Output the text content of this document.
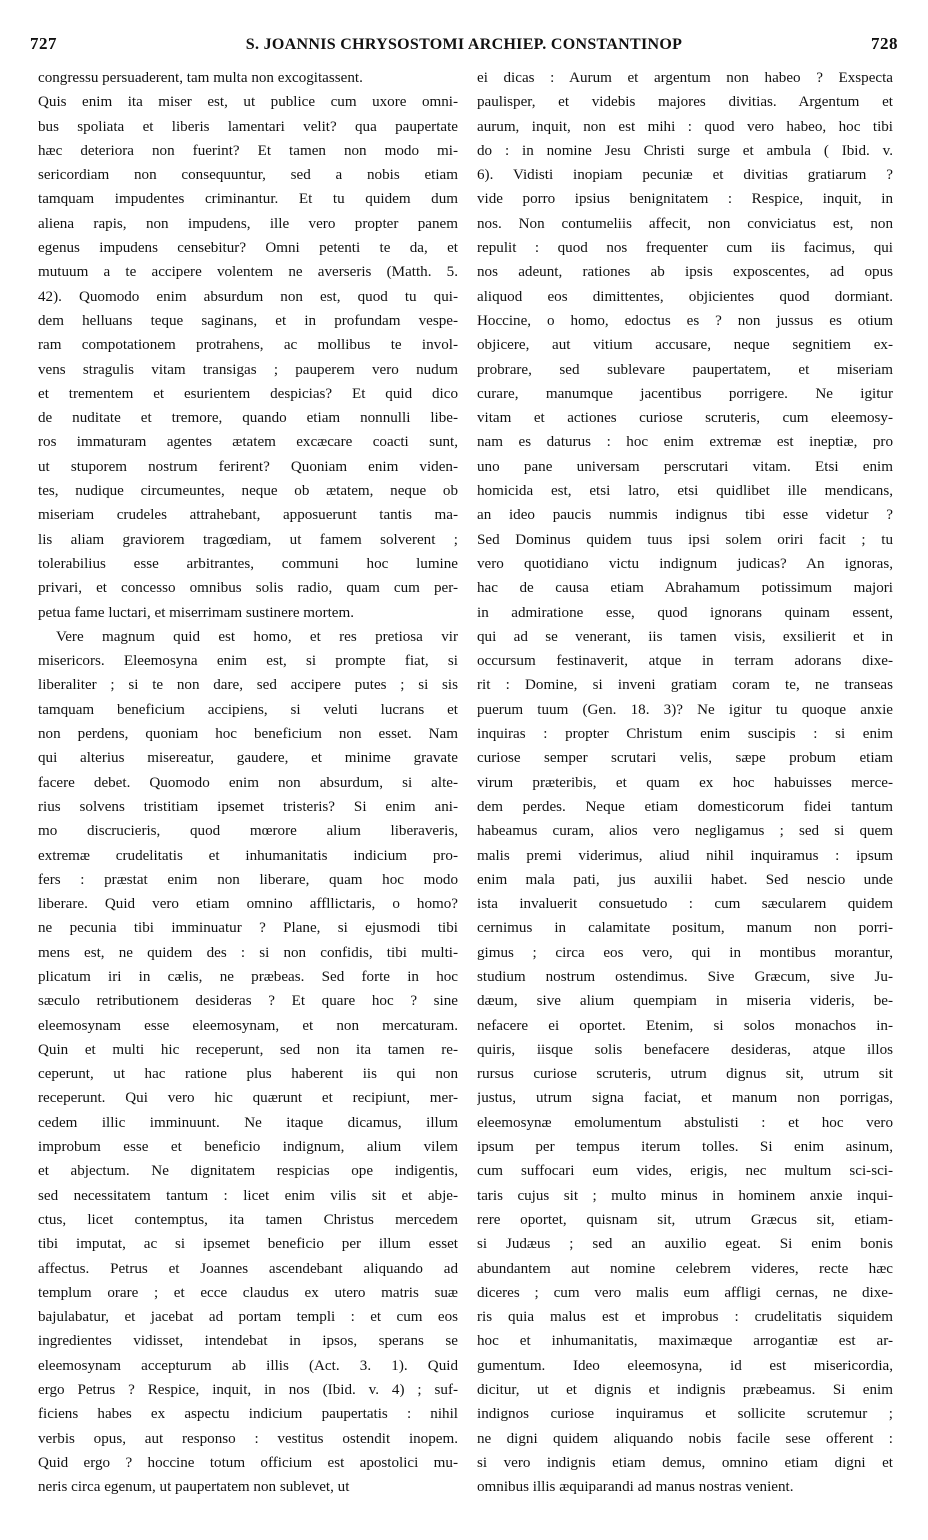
727	S. JOANNIS CHRYSOSTOMI ARCHIEP. CONSTANTINOP	728
congressu persuaderent, tam multa non excogitassent.
Quis enim ita miser est, ut publice cum uxore omni-
bus spoliata et liberis lamentari velit? qua paupertate
hæc deteriora non fuerint? Et tamen non modo mi-
sericordiam non consequuntur, sed a nobis etiam
tamquam impudentes criminantur. Et tu quidem dum
aliena rapis, non impudens, ille vero propter panem
egenus impudens censebitur? Omni petenti te da, et
mutuum a te accipere volentem ne averseris (Matth. 5.
42). Quomodo enim absurdum non est, quod tu qui-
dem helluans teque saginans, et in profundam vespe-
ram compotationem protrahens, ac mollibus te invol-
vens stragulis vitam transigas ; pauperem vero nudum
et trementem et esurientem despicias? Et quid dico
de nuditate et tremore, quando etiam nonnulli libe-
ros immaturam agentes ætatem excæcare coacti sunt,
ut stuporem nostrum ferirent? Quoniam enim viden-
tes, nudique circumeuntes, neque ob ætatem, neque ob
miseriam crudeles attrahebant, apposuerunt tantis ma-
lis aliam graviorem tragœdiam, ut famem solverent ;
tolerabilius esse arbitrantes, communi hoc lumine
privari, et concesso omnibus solis radio, quam cum per-
petua fame luctari, et miserrimam sustinere mortem.
Vere magnum quid est homo, et res pretiosa vir
misericors. Eleemosyna enim est, si prompte fiat, si
liberaliter ; si te non dare, sed accipere putes ; si sis
tamquam beneficium accipiens, si veluti lucrans et
non perdens, quoniam hoc beneficium non esset. Nam
qui alterius misereatur, gaudere, et minime gravate
facere debet. Quomodo enim non absurdum, si alte-
rius solvens tristitiam ipsemet tristeris? Si enim ani-
mo discrucieris, quod mœrore alium liberaveris,
extremæ crudelitatis et inhumanitatis indicium pro-
fers : præstat enim non liberare, quam hoc modo
liberare. Quid vero etiam omnino affllictaris, o homo?
ne pecunia tibi imminuatur ? Plane, si ejusmodi tibi
mens est, ne quidem des : si non confidis, tibi multi-
plicatum iri in cælis, ne præbeas. Sed forte in hoc
sæculo retributionem desideras ? Et quare hoc ? sine
eleemosynam esse eleemosynam, et non mercaturam.
Quin et multi hic receperunt, sed non ita tamen re-
ceperunt, ut hac ratione plus haberent iis qui non
receperunt. Qui vero hic quærunt et recipiunt, mer-
cedem illic imminuunt. Ne itaque dicamus, illum
improbum esse et beneficio indignum, alium vilem
et abjectum. Ne dignitatem respicias ope indigentis,
sed necessitatem tantum : licet enim vilis sit et abje-
ctus, licet contemptus, ita tamen Christus mercedem
tibi imputat, ac si ipsemet beneficio per illum esset
affectus. Petrus et Joannes ascendebant aliquando ad
templum orare ; et ecce claudus ex utero matris suæ
bajulabatur, et jacebat ad portam templi : et cum eos
ingredientes vidisset, intendebat in ipsos, sperans se
eleemosynam accepturum ab illis (Act. 3. 1). Quid
ergo Petrus ? Respice, inquit, in nos (Ibid. v. 4) ; suf-
ficiens habes ex aspectu indicium paupertatis : nihil
verbis opus, aut responso : vestitus ostendit inopem.
Quid ergo ? hoccine totum officium est apostolici mu-
neris circa egenum, ut paupertatem non sublevet, ut
ei dicas : Aurum et argentum non habeo ? Exspecta
paulisper, et videbis majores divitias. Argentum et
aurum, inquit, non est mihi : quod vero habeo, hoc tibi
do : in nomine Jesu Christi surge et ambula ( Ibid. v.
6). Vidisti inopiam pecuniæ et divitias gratiarum ?
vide porro ipsius benignitatem : Respice, inquit, in
nos. Non contumeliis affecit, non conviciatus est, non
repulit : quod nos frequenter cum iis facimus, qui
nos adeunt, rationes ab ipsis exposcentes, ad opus
aliquod eos dimittentes, objicientes quod dormiant.
Hoccine, o homo, edoctus es ? non jussus es otium
objicere, aut vitium accusare, neque segnitiem ex-
probrare, sed sublevare paupertatem, et miseriam
curare, manumque jacentibus porrigere. Ne igitur
vitam et actiones curiose scruteris, cum eleemosy-
nam es daturus : hoc enim extremæ est ineptiæ, pro
uno pane universam perscrutari vitam. Etsi enim
homicida est, etsi latro, etsi quidlibet ille mendicans,
an ideo paucis nummis indignus tibi esse videtur ?
Sed Dominus quidem tuus ipsi solem oriri facit ; tu
vero quotidiano victu indignum judicas? An ignoras,
hac de causa etiam Abrahamum potissimum majori
in admiratione esse, quod ignorans quinam essent,
qui ad se venerant, iis tamen visis, exsilierit et in
occursum festinaverit, atque in terram adorans dixe-
rit : Domine, si inveni gratiam coram te, ne transeas
puerum tuum (Gen. 18. 3)? Ne igitur tu quoque anxie
inquiras : propter Christum enim suscipis : si enim
curiose semper scrutari velis, sæpe probum etiam
virum præteribis, et quam ex hoc habuisses merce-
dem perdes. Neque etiam domesticorum fidei tantum
habeamus curam, alios vero negligamus ; sed si quem
malis premi viderimus, aliud nihil inquiramus : ipsum
enim mala pati, jus auxilii habet. Sed nescio unde
ista invaluerit consuetudo : cum sæcularem quidem
cernimus in calamitate positum, manum non porri-
gimus ; circa eos vero, qui in montibus morantur,
studium nostrum ostendimus. Sive Græcum, sive Ju-
dæum, sive alium quempiam in miseria videris, be-
nefacere ei oportet. Etenim, si solos monachos in-
quiris, iisque solis benefacere desideras, atque illos
rursus curiose scruteris, utrum dignus sit, utrum sit
justus, utrum signa faciat, et manum non porrigas,
eleemosynæ emolumentum abstulisti : et hoc vero
ipsum per tempus iterum tolles. Si enim asinum,
cum suffocari eum vides, erigis, nec multum sci-sci-
taris cujus sit ; multo minus in hominem anxie inqui-
rere oportet, quisnam sit, utrum Græcus sit, etiam-
si Judæus ; sed an auxilio egeat. Si enim bonis
abundantem aut nomine celebrem videres, recte hæc
diceres ; cum vero malis eum affligi cernas, ne dixe-
ris quia malus est et improbus : crudelitatis siquidem
hoc et inhumanitatis, maximæque arrogantiæ est ar-
gumentum. Ideo eleemosyna, id est misericordia,
dicitur, ut et dignis et indignis præbeamus. Si enim
indignos curiose inquiramus et sollicite scrutemur ;
ne digni quidem aliquando nobis facile sese offerent :
si vero indignis etiam demus, omnino etiam digni et
omnibus illis æquiparandi ad manus nostras venient.
